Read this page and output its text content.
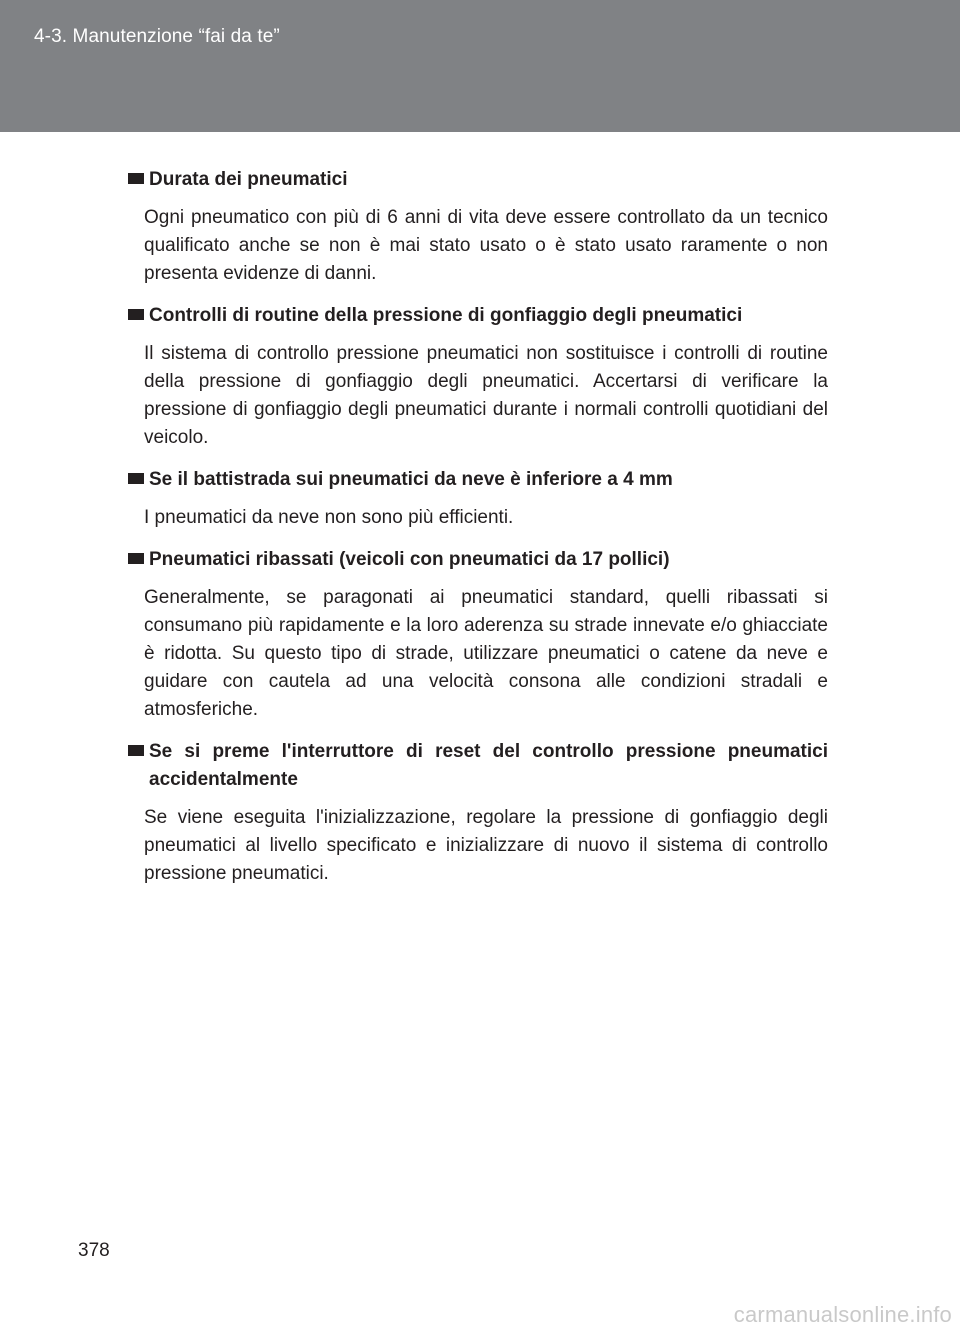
4-3. Manutenzione “fai da te”
Durata dei pneumatici
Ogni pneumatico con più di 6 anni di vita deve essere controllato da un tecnico qualificato anche se non è mai stato usato o è stato usato raramente o non presenta evidenze di danni.
Controlli di routine della pressione di gonfiaggio degli pneumatici
Il sistema di controllo pressione pneumatici non sostituisce i controlli di routine della pressione di gonfiaggio degli pneumatici. Accertarsi di verificare la pressione di gonfiaggio degli pneumatici durante i normali controlli quotidiani del veicolo.
Se il battistrada sui pneumatici da neve è inferiore a 4 mm
I pneumatici da neve non sono più efficienti.
Pneumatici ribassati (veicoli con pneumatici da 17 pollici)
Generalmente, se paragonati ai pneumatici standard, quelli ribassati si consumano più rapidamente e la loro aderenza su strade innevate e/o ghiacciate è ridotta. Su questo tipo di strade, utilizzare pneumatici o catene da neve e guidare con cautela ad una velocità consona alle condizioni stradali e atmosferiche.
Se si preme l'interruttore di reset del controllo pressione pneumatici accidentalmente
Se viene eseguita l'inizializzazione, regolare la pressione di gonfiaggio degli pneumatici al livello specificato e inizializzare di nuovo il sistema di controllo pressione pneumatici.
378
carmanualsonline.info
